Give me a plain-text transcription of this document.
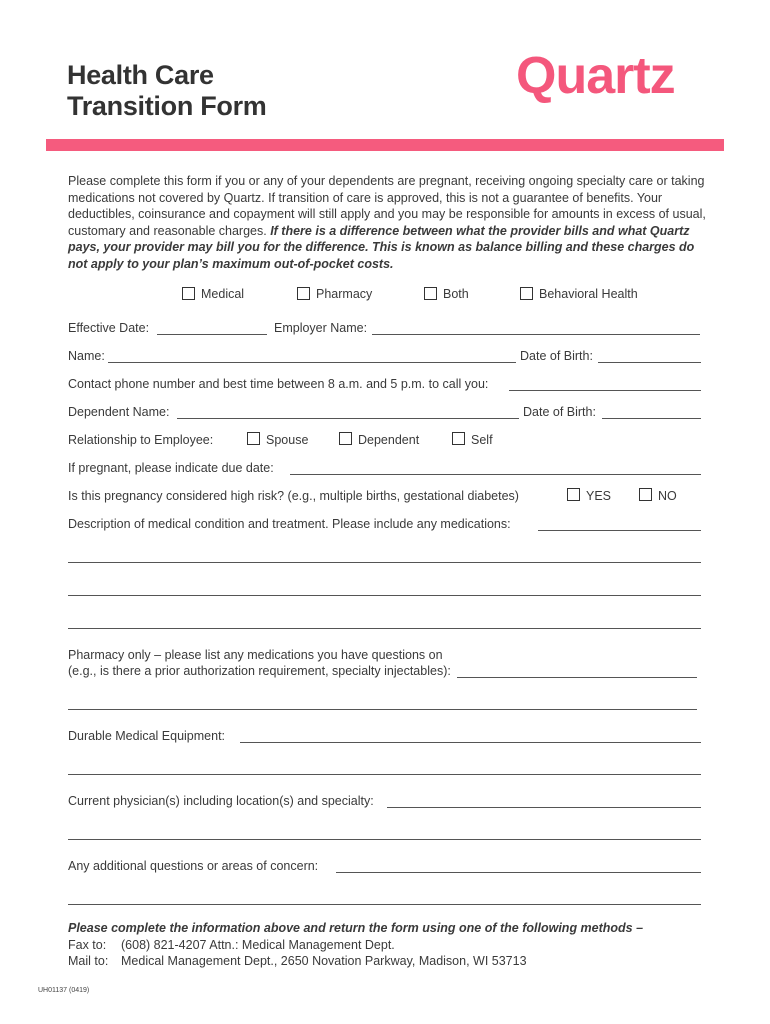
Health Care
Transition Form
Quartz
Please complete this form if you or any of your dependents are pregnant, receiving ongoing specialty care or taking medications not covered by Quartz. If transition of care is approved, this is not a guarantee of benefits. Your deductibles, coinsurance and copayment will still apply and you may be responsible for amounts in excess of usual, customary and reasonable charges. If there is a difference between what the provider bills and what Quartz pays, your provider may bill you for the difference. This is known as balance billing and these charges do not apply to your plan’s maximum out-of-pocket costs.
Medical	Pharmacy	Both	Behavioral Health
Effective Date:	Employer Name:
Name:	Date of Birth:
Contact phone number and best time between 8 a.m. and 5 p.m. to call you:
Dependent Name:	Date of Birth:
Relationship to Employee:	Spouse	Dependent	Self
If pregnant, please indicate due date:
Is this pregnancy considered high risk? (e.g., multiple births, gestational diabetes)	YES	NO
Description of medical condition and treatment. Please include any medications:
Pharmacy only – please list any medications you have questions on
(e.g., is there a prior authorization requirement, specialty injectables):
Durable Medical Equipment:
Current physician(s) including location(s) and specialty:
Any additional questions or areas of concern:
Please complete the information above and return the form using one of the following methods –
Fax to: (608) 821-4207 Attn.: Medical Management Dept.
Mail to: Medical Management Dept., 2650 Novation Parkway, Madison, WI 53713
UH01137 (0419)
